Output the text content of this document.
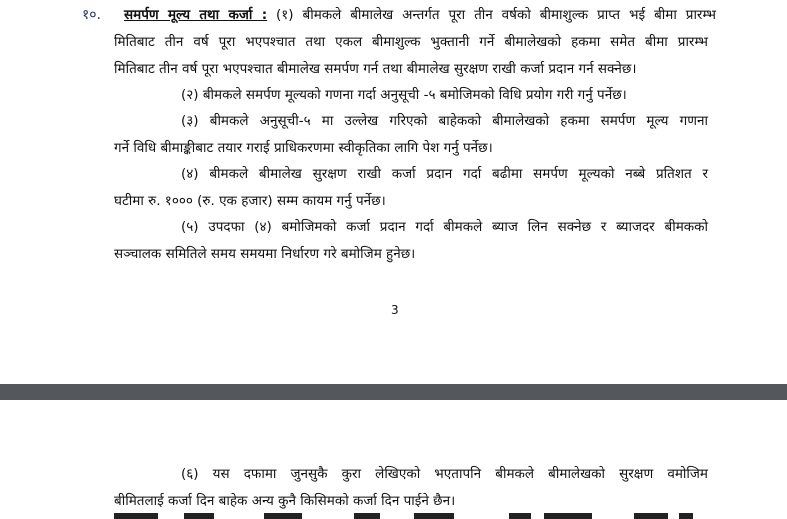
१०. समर्पण मूल्य तथा कर्जा : (१) बीमकले बीमालेख अन्तर्गत पूरा तीन वर्षको बीमाशुल्क प्राप्त भई बीमा प्रारम्भ
मितिबाट तीन वर्ष पूरा भएपश्चात तथा एकल बीमाशुल्क भुक्तानी गर्ने बीमालेखको हकमा समेत बीमा प्रारम्भ
मितिबाट तीन वर्ष पूरा भएपश्चात बीमालेख समर्पण गर्न तथा बीमालेख सुरक्षण राखी कर्जा प्रदान गर्न सक्नेछ।
(२) बीमकले समर्पण मूल्यको गणना गर्दा अनुसूची -५ बमोजिमको विधि प्रयोग गरी गर्नु पर्नेछ।
(३) बीमकले अनुसूची-५ मा उल्लेख गरिएको बाहेकको बीमालेखको हकमा समर्पण मूल्य गणना
गर्ने विधि बीमाङ्कीबाट तयार गराई प्राधिकरणमा स्वीकृतिका लागि पेश गर्नु पर्नेछ।
(४) बीमकले बीमालेख सुरक्षण राखी कर्जा प्रदान गर्दा बढीमा समर्पण मूल्यको नब्बे प्रतिशत र
घटीमा रु. १००० (रु. एक हजार) सम्म कायम गर्नु पर्नेछ।
(५) उपदफा (४) बमोजिमको कर्जा प्रदान गर्दा बीमकले ब्याज लिन सक्नेछ र ब्याजदर बीमकको
सञ्चालक समितिले समय समयमा निर्धारण गरे बमोजिम हुनेछ।
3
(६) यस दफामा जुनसुकै कुरा लेखिएको भएतापनि बीमकले बीमालेखको सुरक्षण वमोजिम
बीमितलाई कर्जा दिन बाहेक अन्य कुनै किसिमको कर्जा दिन पाईने छैन।
